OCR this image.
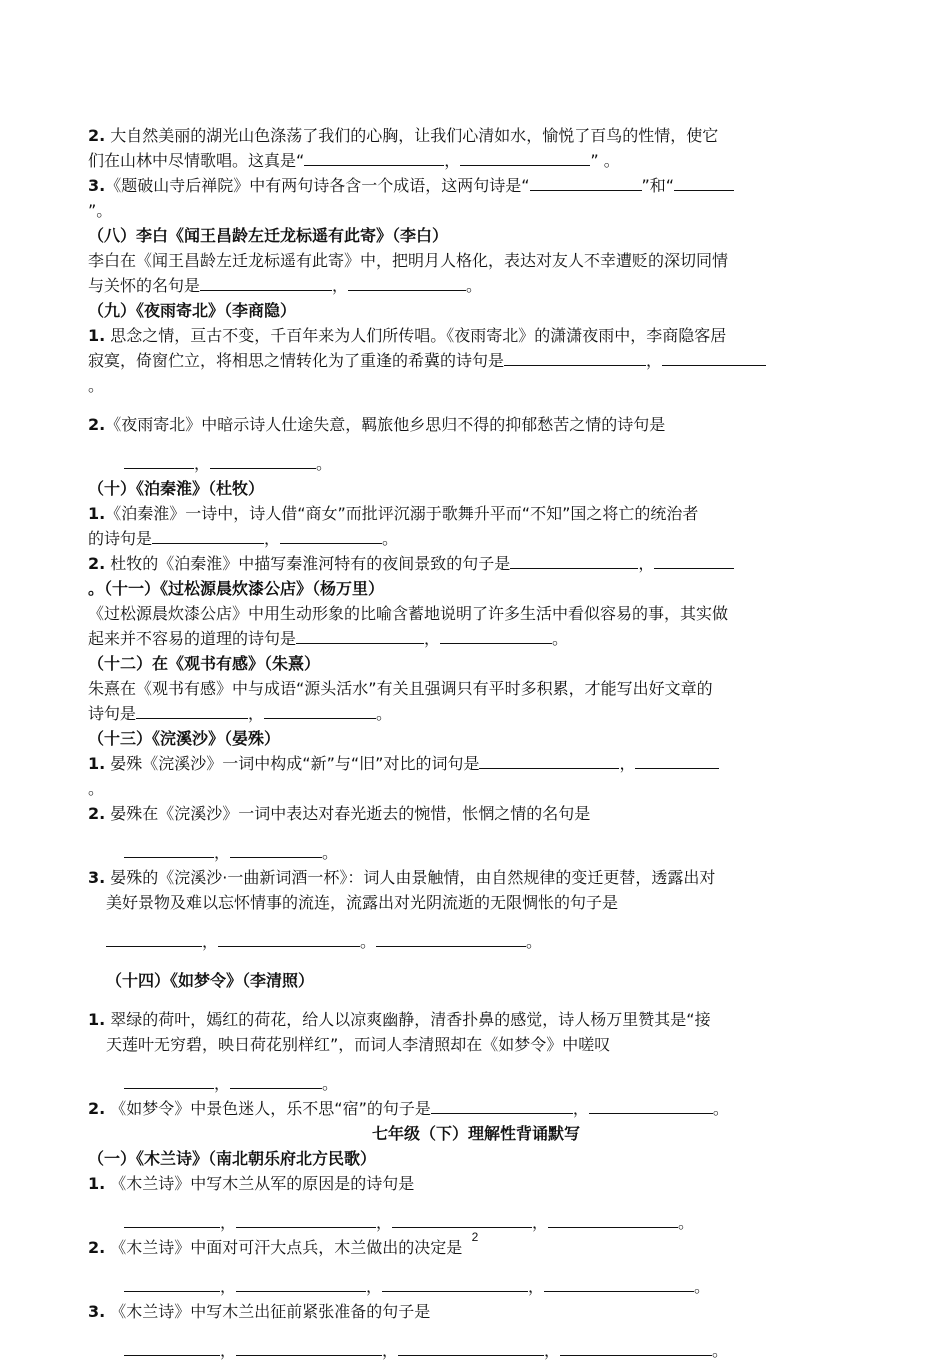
2. 大自然美丽的湖光山色涤荡了我们的心胸，让我们心清如水，愉悦了百鸟的性情，使它
们在山林中尽情歌唱。这真是“	，	” 。
3.《题破山寺后禅院》中有两句诗各含一个成语，这两句诗是“	”和“
”。
（八）李白《闻王昌龄左迁龙标遥有此寄》（李白）
李白在《闻王昌龄左迁龙标遥有此寄》中，把明月人格化，表达对友人不幸遭贬的深切同情
与关怀的名句是	，	。
（九）《夜雨寄北》（李商隐）
1. 思念之情，亘古不变，千百年来为人们所传唱。《夜雨寄北》的潇潇夜雨中，李商隐客居
寂寞，倚窗伫立，将相思之情转化为了重逢的希冀的诗句是	，
。
2.《夜雨寄北》中暗示诗人仕途失意，羁旅他乡思归不得的抑郁愁苦之情的诗句是
，	。
（十）《泊秦淮》（杜牧）
1.《泊秦淮》一诗中，诗人借“商女”而批评沉溺于歌舞升平而“不知”国之将亡的统治者
的诗句是	，	。
2. 杜牧的《泊秦淮》中描写秦淮河特有的夜间景致的句子是	，
。（十一）《过松源晨炊漆公店》（杨万里）
《过松源晨炊漆公店》中用生动形象的比喻含蓄地说明了许多生活中看似容易的事，其实做
起来并不容易的道理的诗句是	，	。
（十二）在《观书有感》（朱熹）
朱熹在《观书有感》中与成语“源头活水”有关且强调只有平时多积累，才能写出好文章的
诗句是	，	。
（十三）《浣溪沙》（晏殊）
1. 晏殊《浣溪沙》一词中构成“新”与“旧”对比的词句是	，
。
2. 晏殊在《浣溪沙》一词中表达对春光逝去的惋惜，怅惘之情的名句是
，	。
3. 晏殊的《浣溪沙·一曲新词酒一杯》：词人由景触情，由自然规律的变迁更替，透露出对
美好景物及难以忘怀情事的流连，流露出对光阴流逝的无限惆怅的句子是
，	。	。
（十四）《如梦令》（李清照）
1. 翠绿的荷叶，嫣红的荷花，给人以凉爽幽静，清香扑鼻的感觉，诗人杨万里赞其是“接
天莲叶无穷碧，映日荷花别样红”，而词人李清照却在《如梦令》中嗟叹
，	。
2. 《如梦令》中景色迷人，乐不思“宿”的句子是	，	。
七年级（下）理解性背诵默写
（一）《木兰诗》（南北朝乐府北方民歌）
1. 《木兰诗》中写木兰从军的原因是的诗句是
，	，	，	。
2. 《木兰诗》中面对可汗大点兵，木兰做出的决定是
，	，	，	。
3. 《木兰诗》中写木兰出征前紧张准备的句子是
，	，	，	。
2
